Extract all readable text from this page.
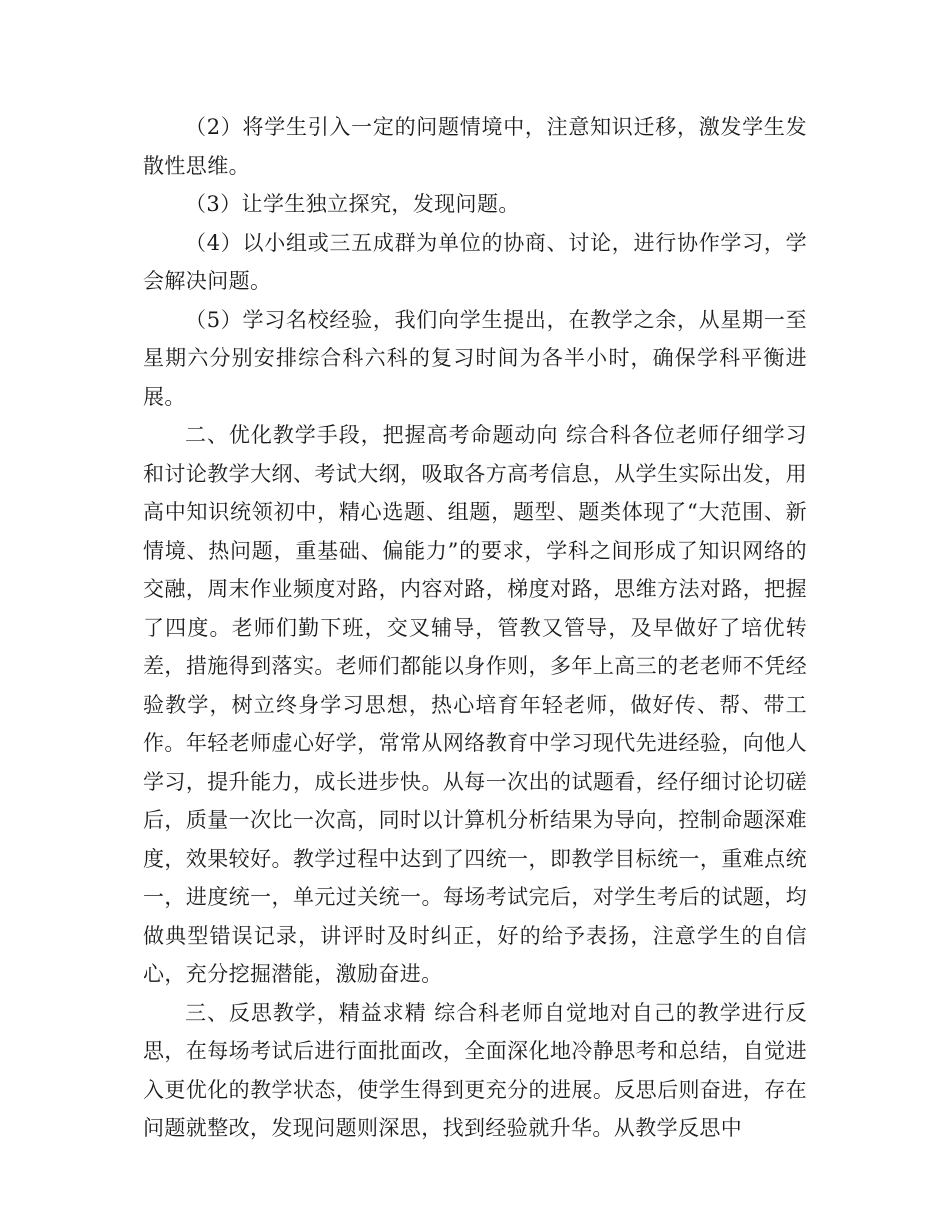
（2）将学生引入一定的问题情境中，注意知识迁移，激发学生发散性思维。

（3）让学生独立探究，发现问题。

（4）以小组或三五成群为单位的协商、讨论，进行协作学习，学会解决问题。

（5）学习名校经验，我们向学生提出，在教学之余，从星期一至星期六分别安排综合科六科的复习时间为各半小时，确保学科平衡进展。

二、优化教学手段，把握高考命题动向 综合科各位老师仔细学习和讨论教学大纲、考试大纲，吸取各方高考信息，从学生实际出发，用高中知识统领初中，精心选题、组题，题型、题类体现了“大范围、新情境、热问题，重基础、偏能力”的要求，学科之间形成了知识网络的交融，周末作业频度对路，内容对路，梯度对路，思维方法对路，把握了四度。老师们勤下班，交叉辅导，管教又管导，及早做好了培优转差，措施得到落实。老师们都能以身作则，多年上高三的老老师不凭经验教学，树立终身学习思想，热心培育年轻老师，做好传、帮、带工作。年轻老师虚心好学，常常从网络教育中学习现代先进经验，向他人学习，提升能力，成长进步快。从每一次出的试题看，经仔细讨论切磋后，质量一次比一次高，同时以计算机分析结果为导向，控制命题深难度，效果较好。教学过程中达到了四统一，即教学目标统一，重难点统一，进度统一，单元过关统一。每场考试完后，对学生考后的试题，均做典型错误记录，讲评时及时纠正，好的给予表扬，注意学生的自信心，充分挖掘潜能，激励奋进。

三、反思教学，精益求精 综合科老师自觉地对自己的教学进行反思，在每场考试后进行面批面改，全面深化地冷静思考和总结，自觉进入更优化的教学状态，使学生得到更充分的进展。反思后则奋进，存在问题就整改，发现问题则深思，找到经验就升华。从教学反思中
